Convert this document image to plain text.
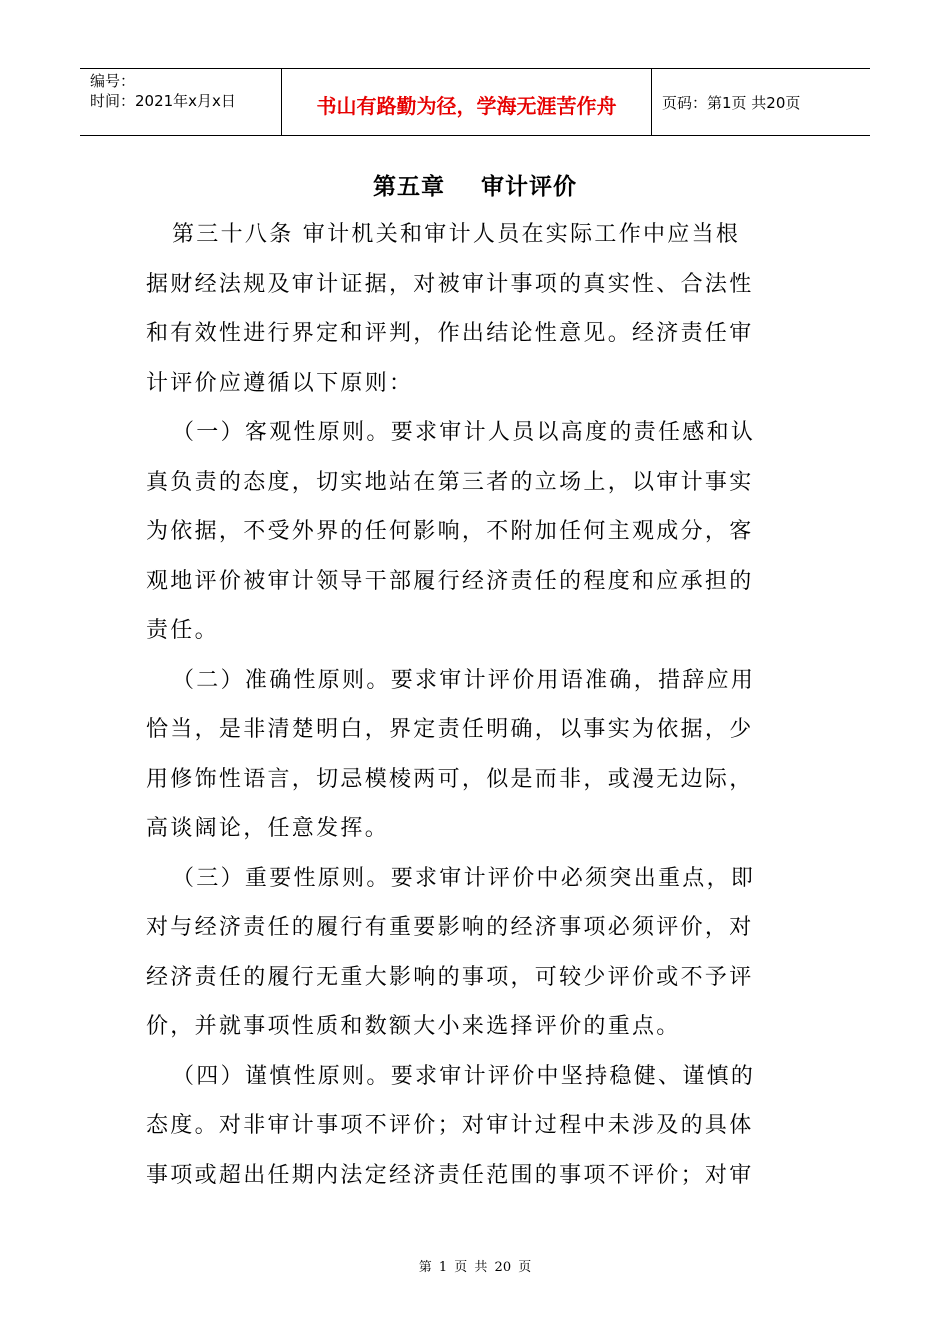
编号：
时间：2021年x月x日	书山有路勤为径，学海无涯苦作舟	页码：第1页 共20页
第五章    审计评价
第三十八条 审计机关和审计人员在实际工作中应当根
据财经法规及审计证据，对被审计事项的真实性、合法性
和有效性进行界定和评判，作出结论性意见。经济责任审
计评价应遵循以下原则：
（一）客观性原则。要求审计人员以高度的责任感和认
真负责的态度，切实地站在第三者的立场上，以审计事实
为依据，不受外界的任何影响，不附加任何主观成分，客
观地评价被审计领导干部履行经济责任的程度和应承担的
责任。
（二）准确性原则。要求审计评价用语准确，措辞应用
恰当，是非清楚明白，界定责任明确，以事实为依据，少
用修饰性语言，切忌模棱两可，似是而非，或漫无边际，
高谈阔论，任意发挥。
（三）重要性原则。要求审计评价中必须突出重点，即
对与经济责任的履行有重要影响的经济事项必须评价，对
经济责任的履行无重大影响的事项，可较少评价或不予评
价，并就事项性质和数额大小来选择评价的重点。
（四）谨慎性原则。要求审计评价中坚持稳健、谨慎的
态度。对非审计事项不评价；对审计过程中未涉及的具体
事项或超出任期内法定经济责任范围的事项不评价；对审
第 1 页 共 20 页
